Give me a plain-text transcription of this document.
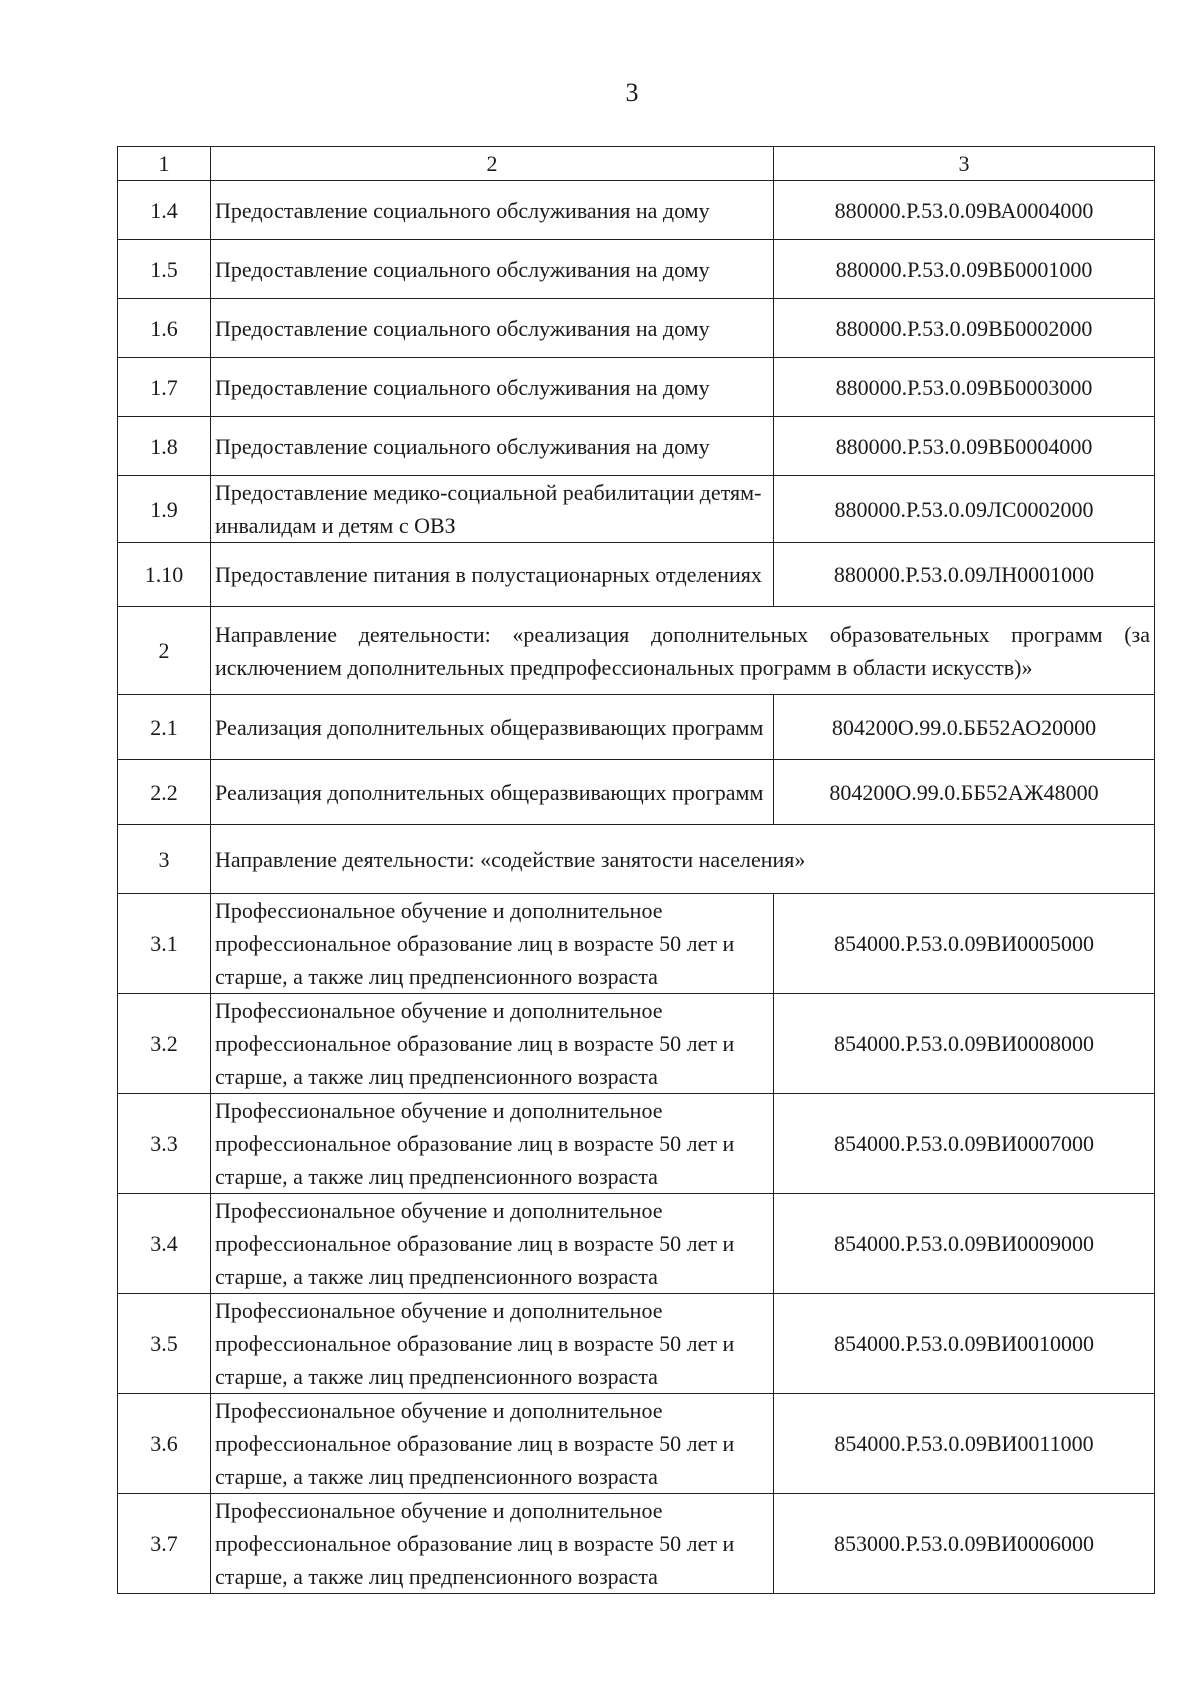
3
1	2	3
1.4	Предоставление социального обслуживания на дому	880000.Р.53.0.09ВА0004000
1.5	Предоставление социального обслуживания на дому	880000.Р.53.0.09ВБ0001000
1.6	Предоставление социального обслуживания на дому	880000.Р.53.0.09ВБ0002000
1.7	Предоставление социального обслуживания на дому	880000.Р.53.0.09ВБ0003000
1.8	Предоставление социального обслуживания на дому	880000.Р.53.0.09ВБ0004000
1.9	Предоставление медико-социальной реабилитации детям-инвалидам и детям с ОВЗ	880000.Р.53.0.09ЛС0002000
1.10	Предоставление питания в полустационарных отделениях	880000.Р.53.0.09ЛН0001000
2	Направление деятельности: «реализация дополнительных образовательных программ (за исключением дополнительных предпрофессиональных программ в области искусств)»	
2.1	Реализация дополнительных общеразвивающих программ	804200О.99.0.ББ52АО20000
2.2	Реализация дополнительных общеразвивающих программ	804200О.99.0.ББ52АЖ48000
3	Направление деятельности: «содействие занятости населения»	
3.1	Профессиональное обучение и дополнительное профессиональное образование лиц в возрасте 50 лет и старше, а также лиц предпенсионного возраста	854000.Р.53.0.09ВИ0005000
3.2	Профессиональное обучение и дополнительное профессиональное образование лиц в возрасте 50 лет и старше, а также лиц предпенсионного возраста	854000.Р.53.0.09ВИ0008000
3.3	Профессиональное обучение и дополнительное профессиональное образование лиц в возрасте 50 лет и старше, а также лиц предпенсионного возраста	854000.Р.53.0.09ВИ0007000
3.4	Профессиональное обучение и дополнительное профессиональное образование лиц в возрасте 50 лет и старше, а также лиц предпенсионного возраста	854000.Р.53.0.09ВИ0009000
3.5	Профессиональное обучение и дополнительное профессиональное образование лиц в возрасте 50 лет и старше, а также лиц предпенсионного возраста	854000.Р.53.0.09ВИ0010000
3.6	Профессиональное обучение и дополнительное профессиональное образование лиц в возрасте 50 лет и старше, а также лиц предпенсионного возраста	854000.Р.53.0.09ВИ0011000
3.7	Профессиональное обучение и дополнительное профессиональное образование лиц в возрасте 50 лет и старше, а также лиц предпенсионного возраста	853000.Р.53.0.09ВИ0006000
